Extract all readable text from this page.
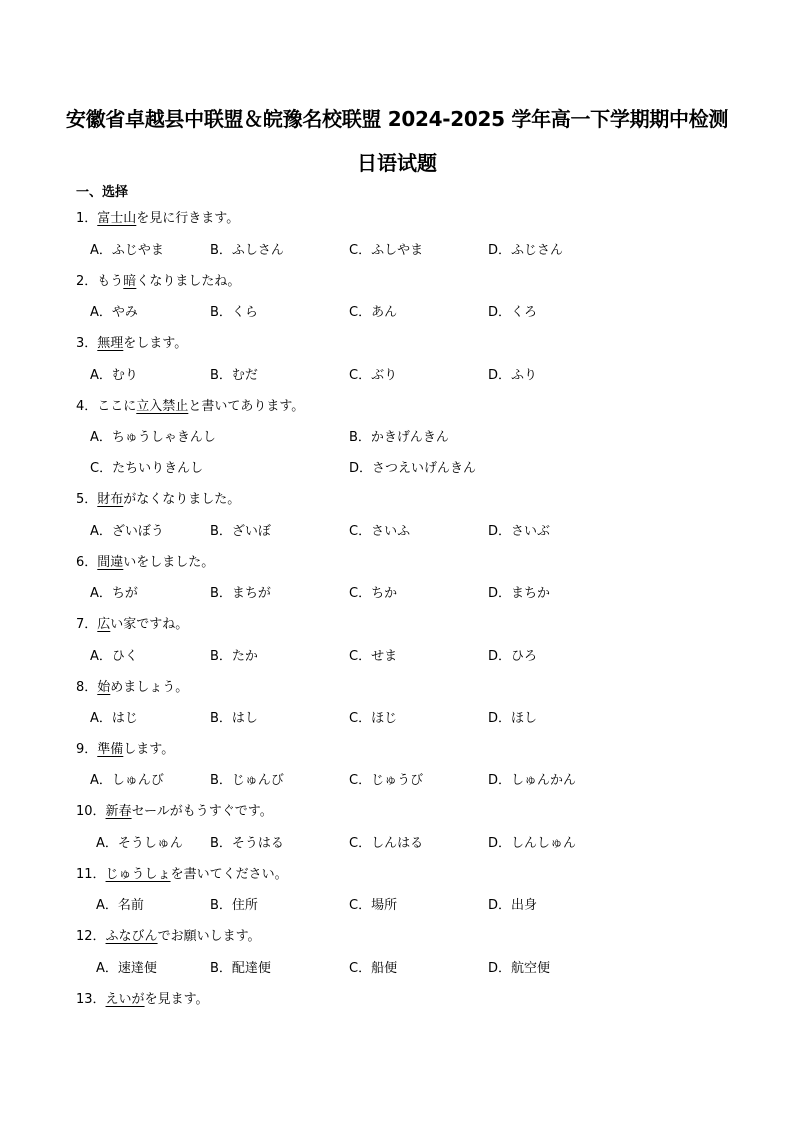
安徽省卓越县中联盟＆皖豫名校联盟 2024-2025 学年高一下学期期中检测
日语试题
一、选择
1．富士山を見に行きます。
A．ふじやま	B．ふしさん	C．ふしやま	D．ふじさん
2．もう暗くなりましたね。
A．やみ	B．くら	C．あん	D．くろ
3．無理をします。
A．むり	B．むだ	C．ぶり	D．ふり
4．ここに立入禁止と書いてあります。
A．ちゅうしゃきんし	B．かきげんきん
C．たちいりきんし	D．さつえいげんきん
5．財布がなくなりました。
A．ざいぼう	B．ざいぼ	C．さいふ	D．さいぶ
6．間違いをしました。
A．ちが	B．まちが	C．ちか	D．まちか
7．広い家ですね。
A．ひく	B．たか	C．せま	D．ひろ
8．始めましょう。
A．はじ	B．はし	C．ほじ	D．ほし
9．準備します。
A．しゅんび	B．じゅんび	C．じゅうび	D．しゅんかん
10．新春セールがもうすぐです。
A．そうしゅん B．そうはる	C．しんはる	D．しんしゅん
11．じゅうしょを書いてください。
A．名前	B．住所	C．場所	D．出身
12．ふなびんでお願いします。
A．速達便	B．配達便	C．船便	D．航空便
13．えいがを見ます。
